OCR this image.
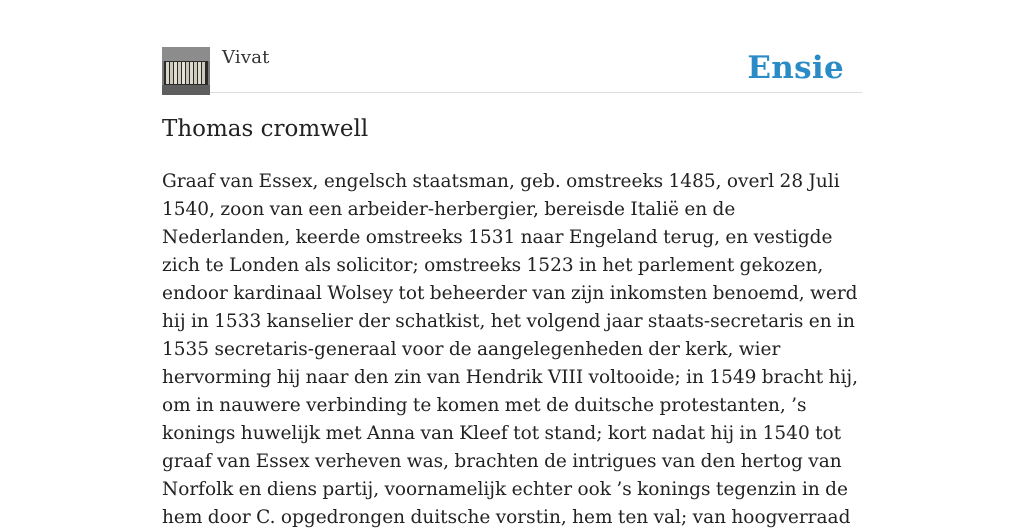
Vivat	Ensie
Thomas cromwell

Graaf van Essex, engelsch staatsman, geb. omstreeks 1485, overl 28 Juli 1540, zoon van een arbeider-herbergier, bereisde Italië en de Nederlanden, keerde omstreeks 1531 naar Engeland terug, en vestigde zich te Londen als solicitor; omstreeks 1523 in het parlement gekozen, endoor kardinaal Wolsey tot beheerder van zijn inkomsten benoemd, werd hij in 1533 kanselier der schatkist, het volgend jaar staats-secretaris en in 1535 secretaris-generaal voor de aangelegenheden der kerk, wier hervorming hij naar den zin van Hendrik VIII voltooide; in 1549 bracht hij, om in nauwere verbinding te komen met de duitsche protestanten, ’s konings huwelijk met Anna van Kleef tot stand; kort nadat hij in 1540 tot graaf van Essex verheven was, brachten de intrigues van den hertog van Norfolk en diens partij, voornamelijk echter ook ’s konings tegenzin in de hem door C. opgedrongen duitsche vorstin, hem ten val; van hoogverraad
